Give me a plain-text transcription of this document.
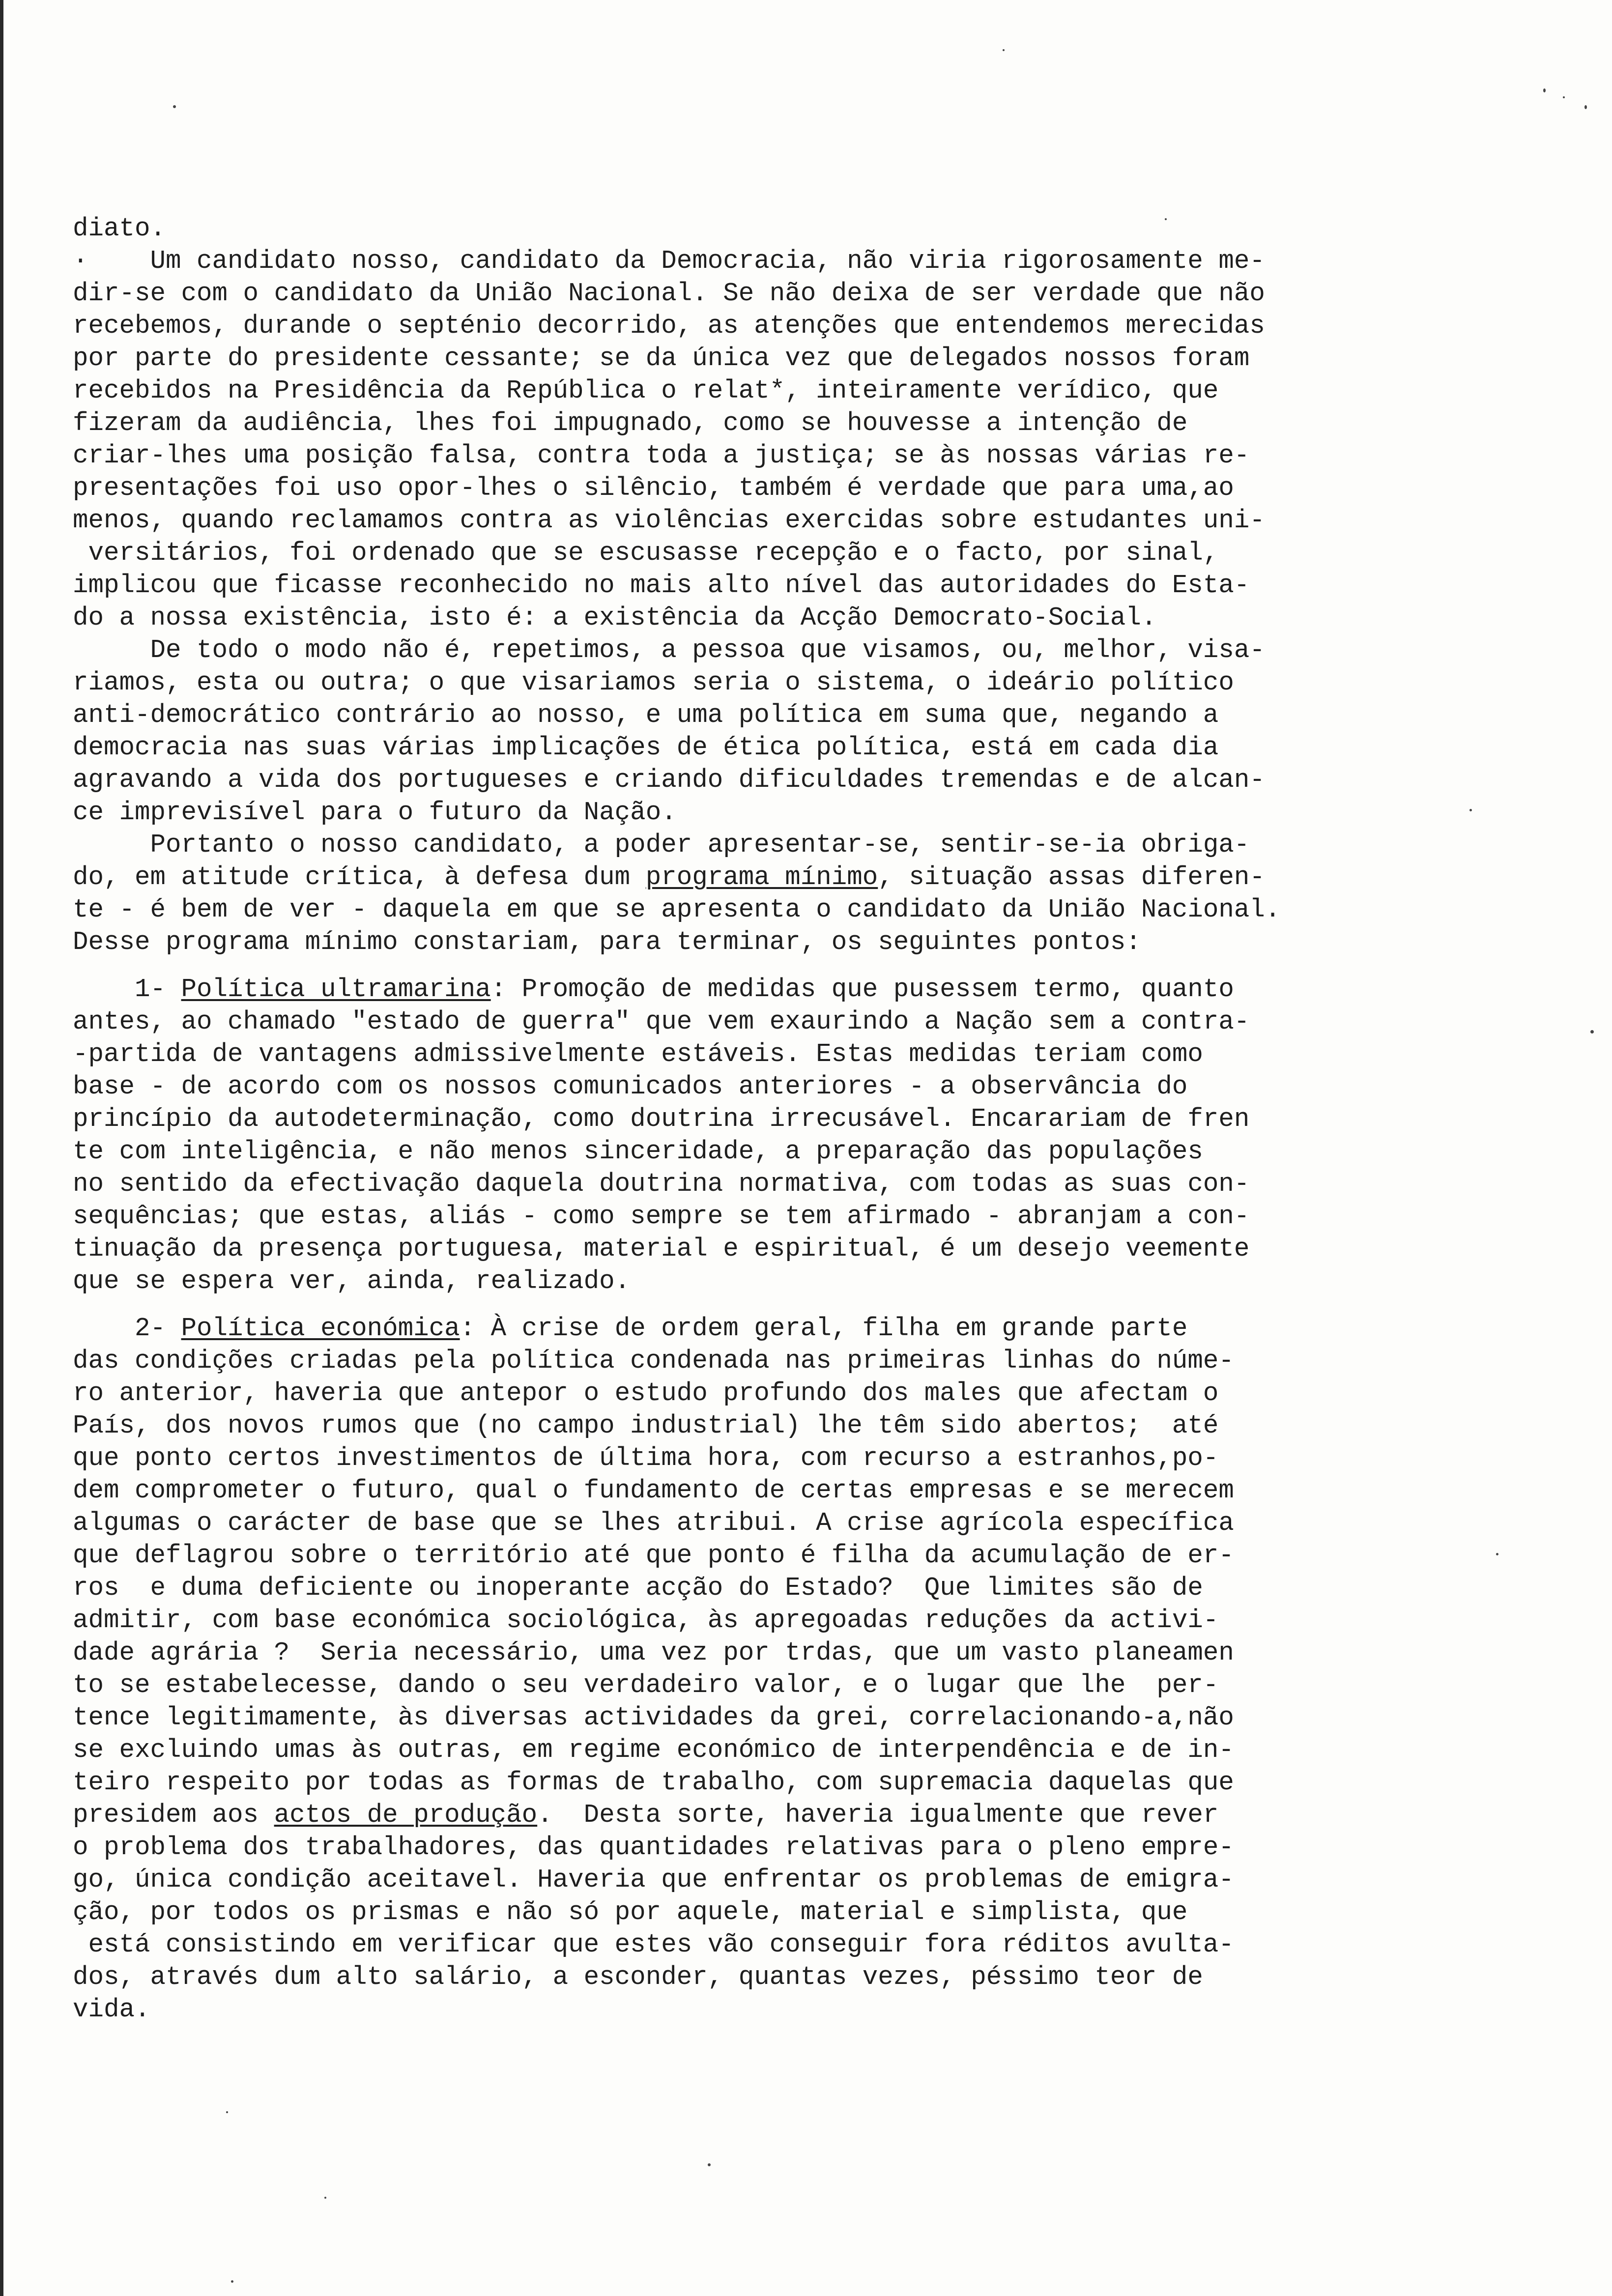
diato.
·    Um candidato nosso, candidato da Democracia, não viria rigorosamente me-
dir-se com o candidato da União Nacional. Se não deixa de ser verdade que não
recebemos, durande o septénio decorrido, as atenções que entendemos merecidas
por parte do presidente cessante; se da única vez que delegados nossos foram
recebidos na Presidência da República o relat*, inteiramente verídico, que
fizeram da audiência, lhes foi impugnado, como se houvesse a intenção de
criar-lhes uma posição falsa, contra toda a justiça; se às nossas várias re-
presentações foi uso opor-lhes o silêncio, também é verdade que para uma,ao
menos, quando reclamamos contra as violências exercidas sobre estudantes uni-
versitários, foi ordenado que se escusasse recepção e o facto, por sinal,
implicou que ficasse reconhecido no mais alto nível das autoridades do Esta-
do a nossa existência, isto é: a existência da Acção Democrato-Social.
De todo o modo não é, repetimos, a pessoa que visamos, ou, melhor, visa-
riamos, esta ou outra; o que visariamos seria o sistema, o ideário político
anti-democrático contrário ao nosso, e uma política em suma que, negando a
democracia nas suas várias implicações de ética política, está em cada dia
agravando a vida dos portugueses e criando dificuldades tremendas e de alcan-
ce imprevisível para o futuro da Nação.
Portanto o nosso candidato, a poder apresentar-se, sentir-se-ia obriga-
do, em atitude crítica, à defesa dum programa mínimo, situação assas diferen-
te - é bem de ver - daquela em que se apresenta o candidato da União Nacional.
Desse programa mínimo constariam, para terminar, os seguintes pontos:
1- Política ultramarina: Promoção de medidas que pusessem termo, quanto
antes, ao chamado "estado de guerra" que vem exaurindo a Nação sem a contra-
-partida de vantagens admissivelmente estáveis. Estas medidas teriam como
base - de acordo com os nossos comunicados anteriores - a observância do
princípio da autodeterminação, como doutrina irrecusável. Encarariam de fren
te com inteligência, e não menos sinceridade, a preparação das populações
no sentido da efectivação daquela doutrina normativa, com todas as suas con-
sequências; que estas, aliás - como sempre se tem afirmado - abranjam a con-
tinuação da presença portuguesa, material e espiritual, é um desejo veemente
que se espera ver, ainda, realizado.
2- Política económica: À crise de ordem geral, filha em grande parte
das condições criadas pela política condenada nas primeiras linhas do núme-
ro anterior, haveria que antepor o estudo profundo dos males que afectam o
País, dos novos rumos que (no campo industrial) lhe têm sido abertos;  até
que ponto certos investimentos de última hora, com recurso a estranhos,po-
dem comprometer o futuro, qual o fundamento de certas empresas e se merecem
algumas o carácter de base que se lhes atribui. A crise agrícola específica
que deflagrou sobre o território até que ponto é filha da acumulação de er-
ros  e duma deficiente ou inoperante acção do Estado?  Que limites são de
admitir, com base económica sociológica, às apregoadas reduções da activi-
dade agrária ?  Seria necessário, uma vez por trdas, que um vasto planeamen
to se estabelecesse, dando o seu verdadeiro valor, e o lugar que lhe  per-
tence legitimamente, às diversas actividades da grei, correlacionando-a,não
se excluindo umas às outras, em regime económico de interpendência e de in-
teiro respeito por todas as formas de trabalho, com supremacia daquelas que
presidem aos actos de produção.  Desta sorte, haveria igualmente que rever
o problema dos trabalhadores, das quantidades relativas para o pleno empre-
go, única condição aceitavel. Haveria que enfrentar os problemas de emigra-
ção, por todos os prismas e não só por aquele, material e simplista, que
está consistindo em verificar que estes vão conseguir fora réditos avulta-
dos, através dum alto salário, a esconder, quantas vezes, péssimo teor de
vida.
